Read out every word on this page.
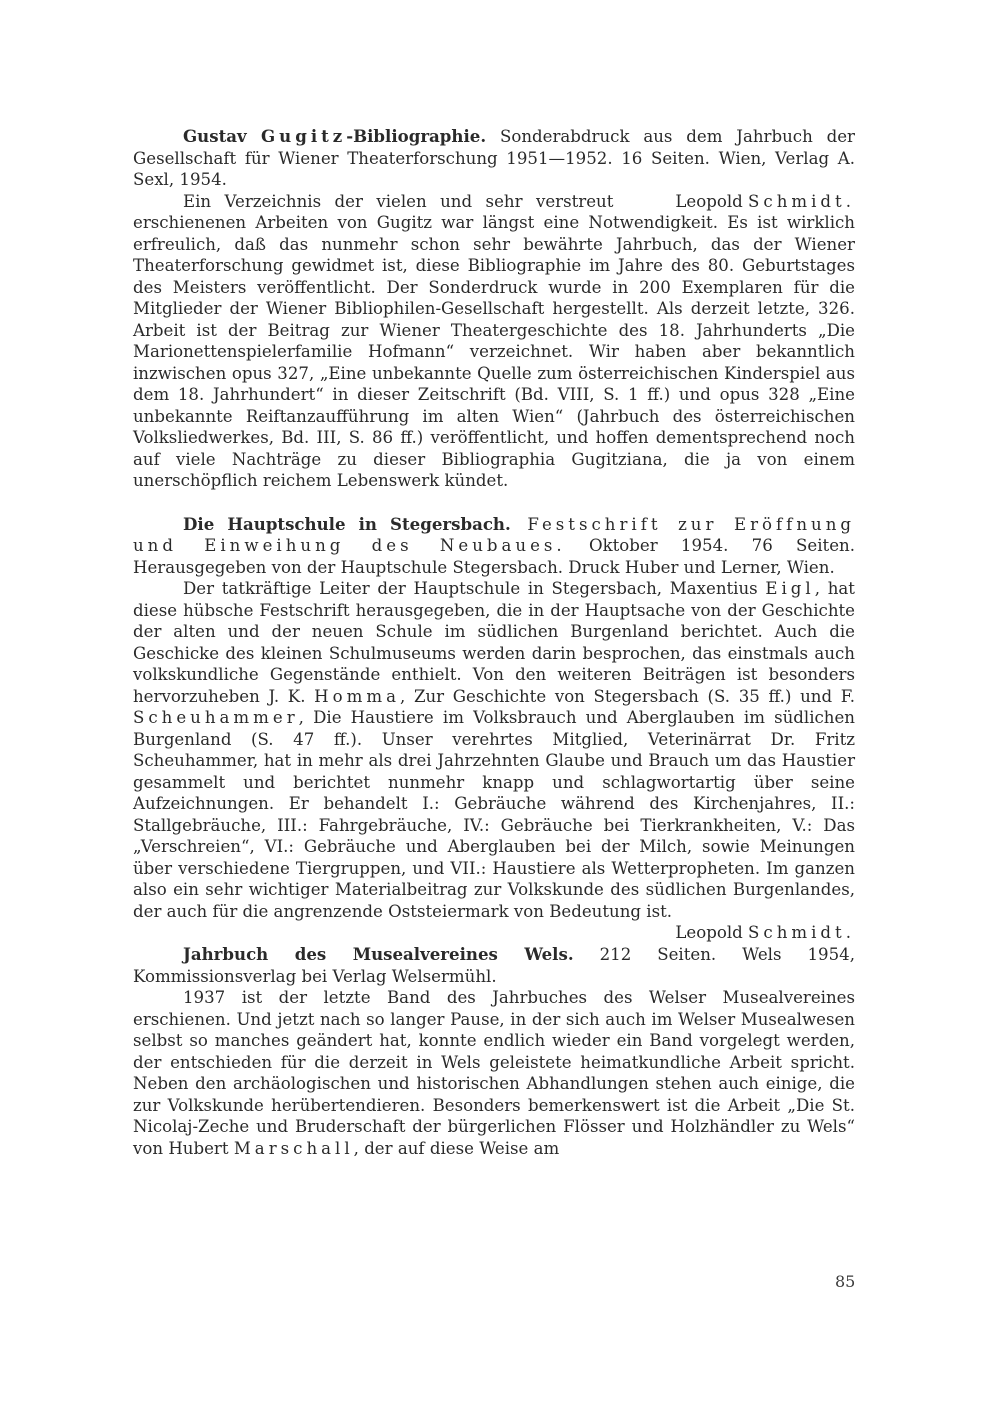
Gustav Gugitz-Bibliographie. Sonderabdruck aus dem Jahrbuch der Gesellschaft für Wiener Theaterforschung 1951—1952. 16 Seiten. Wien, Verlag A. Sexl, 1954.

Leopold Schmidt.
Ein Verzeichnis der vielen und sehr verstreut erschienenen Arbeiten von Gugitz war längst eine Notwendigkeit. Es ist wirklich erfreulich, daß das nunmehr schon sehr bewährte Jahrbuch, das der Wiener Theaterforschung gewidmet ist, diese Bibliographie im Jahre des 80. Geburtstages des Meisters veröffentlicht. Der Sonderdruck wurde in 200 Exemplaren für die Mitglieder der Wiener Bibliophilen-Gesellschaft hergestellt. Als derzeit letzte, 326. Arbeit ist der Beitrag zur Wiener Theatergeschichte des 18. Jahrhunderts „Die Marionettenspielerfamilie Hofmann“ verzeichnet. Wir haben aber bekanntlich inzwischen opus 327, „Eine unbekannte Quelle zum österreichischen Kinderspiel aus dem 18. Jahrhundert“ in dieser Zeitschrift (Bd. VIII, S. 1 ff.) und opus 328 „Eine unbekannte Reiftanzaufführung im alten Wien“ (Jahrbuch des österreichischen Volksliedwerkes, Bd. III, S. 86 ff.) veröffentlicht, und hoffen dementsprechend noch auf viele Nachträge zu dieser Bibliographia Gugitziana, die ja von einem unerschöpflich reichem Lebenswerk kündet.

Die Hauptschule in Stegersbach. Festschrift zur Eröffnung und Einweihung des Neubaues. Oktober 1954. 76 Seiten. Herausgegeben von der Hauptschule Stegersbach. Druck Huber und Lerner, Wien.

Der tatkräftige Leiter der Hauptschule in Stegersbach, Maxentius Eigl, hat diese hübsche Festschrift herausgegeben, die in der Hauptsache von der Geschichte der alten und der neuen Schule im südlichen Burgenland berichtet. Auch die Geschicke des kleinen Schulmuseums werden darin besprochen, das einstmals auch volkskundliche Gegenstände enthielt. Von den weiteren Beiträgen ist besonders hervorzuheben J. K. Homma, Zur Geschichte von Stegersbach (S. 35 ff.) und F. Scheuhammer, Die Haustiere im Volksbrauch und Aberglauben im südlichen Burgenland (S. 47 ff.). Unser verehrtes Mitglied, Veterinärrat Dr. Fritz Scheuhammer, hat in mehr als drei Jahrzehnten Glaube und Brauch um das Haustier gesammelt und berichtet nunmehr knapp und schlagwortartig über seine Aufzeichnungen. Er behandelt I.: Gebräuche während des Kirchenjahres, II.: Stallgebräuche, III.: Fahrgebräuche, IV.: Gebräuche bei Tierkrankheiten, V.: Das „Verschreien“, VI.: Gebräuche und Aberglauben bei der Milch, sowie Meinungen über verschiedene Tiergruppen, und VII.: Haustiere als Wetterpropheten. Im ganzen also ein sehr wichtiger Materialbeitrag zur Volkskunde des südlichen Burgenlandes, der auch für die angrenzende Oststeiermark von Bedeutung ist.
Leopold Schmidt.

Jahrbuch des Musealvereines Wels. 212 Seiten. Wels 1954, Kommissionsverlag bei Verlag Welsermühl.

1937 ist der letzte Band des Jahrbuches des Welser Musealvereines erschienen. Und jetzt nach so langer Pause, in der sich auch im Welser Musealwesen selbst so manches geändert hat, konnte endlich wieder ein Band vorgelegt werden, der entschieden für die derzeit in Wels geleistete heimatkundliche Arbeit spricht. Neben den archäologischen und historischen Abhandlungen stehen auch einige, die zur Volkskunde herübertendieren. Besonders bemerkenswert ist die Arbeit „Die St. Nicolaj-Zeche und Bruderschaft der bürgerlichen Flösser und Holzhändler zu Wels“ von Hubert Marschall, der auf diese Weise am

85
